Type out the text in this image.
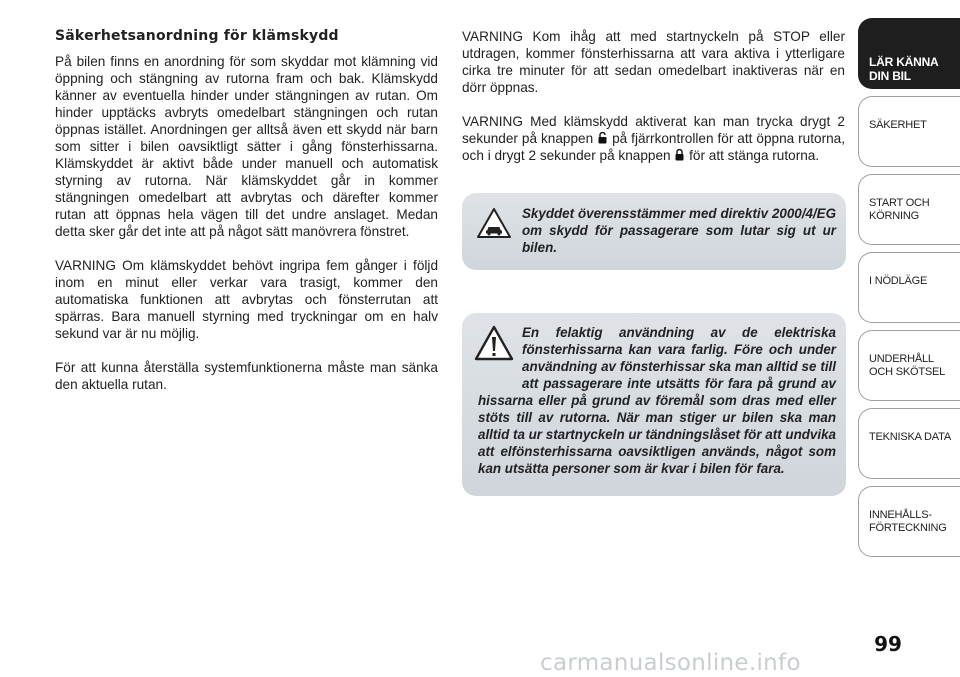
Säkerhetsanordning för klämskydd

På bilen finns en anordning för som skyddar mot klämning vid öppning och stängning av rutorna fram och bak. Klämskydd känner av eventuella hinder under stängningen av rutan. Om hinder upptäcks avbryts omedelbart stängningen och rutan öppnas istället. Anordningen ger alltså även ett skydd när barn som sitter i bilen oavsiktligt sätter i gång fönsterhissarna. Klämskyddet är aktivt både under manuell och automatisk styrning av rutorna. När klämskyddet går in kommer stängningen omedelbart att avbrytas och därefter kommer rutan att öppnas hela vägen till det undre anslaget. Medan detta sker går det inte att på något sätt manövrera fönstret.

VARNING Om klämskyddet behövt ingripa fem gånger i följd inom en minut eller verkar vara trasigt, kommer den automatiska funktionen att avbrytas och fönsterrutan att spärras. Bara manuell styrning med tryckningar om en halv sekund var är nu möjlig.

För att kunna återställa systemfunktionerna måste man sänka den aktuella rutan.

VARNING Kom ihåg att med startnyckeln på STOP eller utdragen, kommer fönsterhissarna att vara aktiva i ytterligare cirka tre minuter för att sedan omedelbart inaktiveras när en dörr öppnas.

VARNING Med klämskydd aktiverat kan man trycka drygt 2 sekunder på knappen på fjärrkontrollen för att öppna rutorna, och i drygt 2 sekunder på knappen för att stänga rutorna.

Skyddet överensstämmer med direktiv 2000/4/EG om skydd för passagerare som lutar sig ut ur bilen.
En felaktig användning av de elektriska fönsterhissarna kan vara farlig. Före och under användning av fönsterhissar ska man alltid se till att passagerare inte utsätts för fara på grund av hissarna eller på grund av föremål som dras med eller stöts till av rutorna. När man stiger ur bilen ska man alltid ta ur startnyckeln ur tändningslåset för att undvika att elfönsterhissarna oavsiktligen används, något som kan utsätta personer som är kvar i bilen för fara.
LÄR KÄNNA
DIN BIL
SÄKERHET
START OCH
KÖRNING
I NÖDLÄGE
UNDERHÅLL
OCH SKÖTSEL
TEKNISKA DATA
INNEHÅLLS-
FÖRTECKNING
99
carmanualsonline.info
